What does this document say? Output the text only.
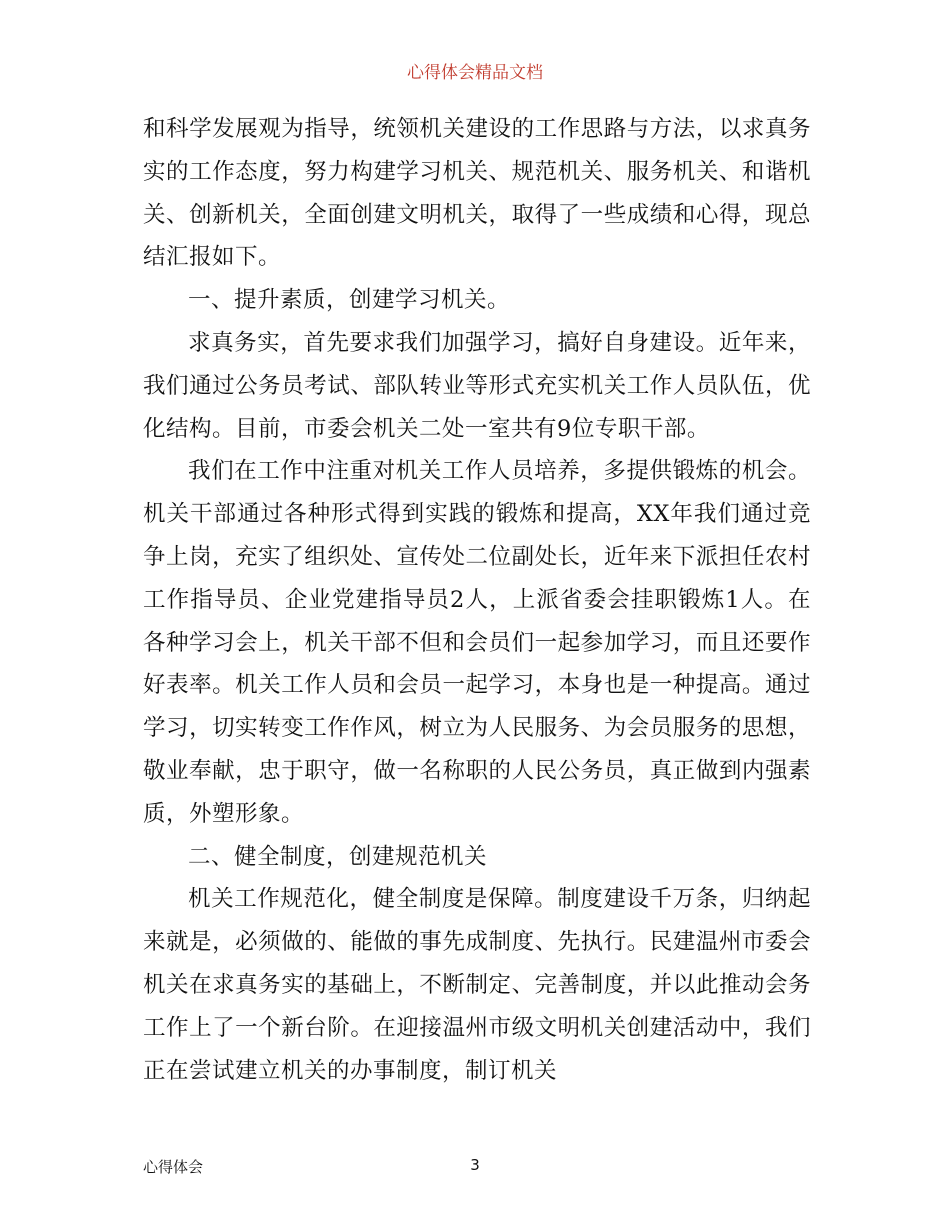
心得体会精品文档

和科学发展观为指导，统领机关建设的工作思路与方法，以求真务实的工作态度，努力构建学习机关、规范机关、服务机关、和谐机关、创新机关，全面创建文明机关，取得了一些成绩和心得，现总结汇报如下。

一、提升素质，创建学习机关。

求真务实，首先要求我们加强学习，搞好自身建设。近年来，我们通过公务员考试、部队转业等形式充实机关工作人员队伍，优化结构。目前，市委会机关二处一室共有9位专职干部。

我们在工作中注重对机关工作人员培养，多提供锻炼的机会。机关干部通过各种形式得到实践的锻炼和提高，XX年我们通过竞争上岗，充实了组织处、宣传处二位副处长，近年来下派担任农村工作指导员、企业党建指导员2人，上派省委会挂职锻炼1人。在各种学习会上，机关干部不但和会员们一起参加学习，而且还要作好表率。机关工作人员和会员一起学习，本身也是一种提高。通过学习，切实转变工作作风，树立为人民服务、为会员服务的思想，敬业奉献，忠于职守，做一名称职的人民公务员，真正做到内强素质，外塑形象。

二、健全制度，创建规范机关

机关工作规范化，健全制度是保障。制度建设千万条，归纳起来就是，必须做的、能做的事先成制度、先执行。民建温州市委会机关在求真务实的基础上，不断制定、完善制度，并以此推动会务工作上了一个新台阶。在迎接温州市级文明机关创建活动中，我们正在尝试建立机关的办事制度，制订机关

心得体会	3
